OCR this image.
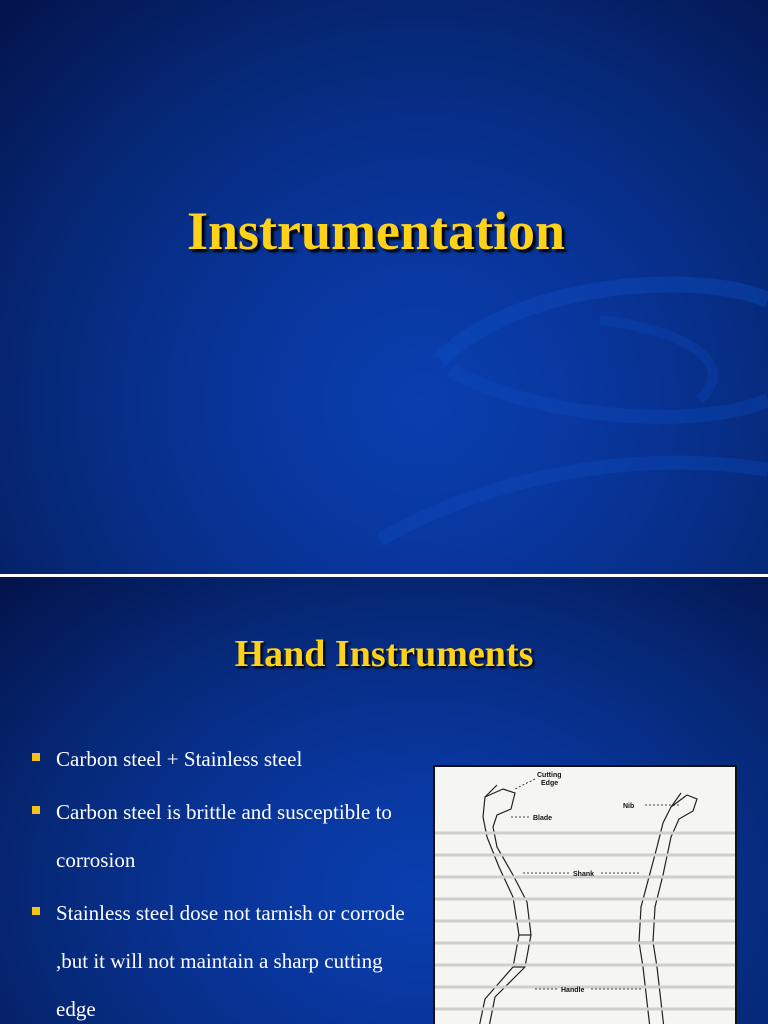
Instrumentation
Hand Instruments
Carbon steel + Stainless steel
Carbon steel is brittle and susceptible to corrosion
Stainless steel dose not tarnish or corrode ,but it will not maintain a sharp cutting edge
Cutting
Edge
Blade
Nib
Shank
Handle
